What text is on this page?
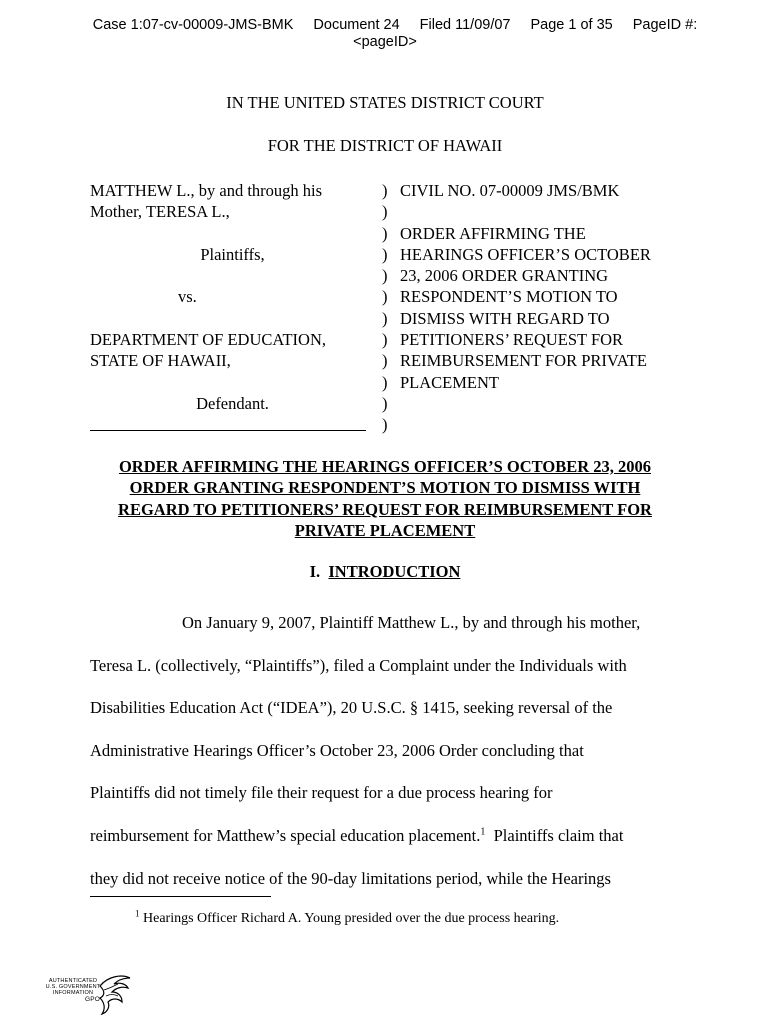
Case 1:07-cv-00009-JMS-BMK Document 24 Filed 11/09/07 Page 1 of 35 PageID #:
<pageID>
IN THE UNITED STATES DISTRICT COURT
FOR THE DISTRICT OF HAWAII
MATTHEW L., by and through his
Mother, TERESA L.,
Plaintiffs,
vs.
DEPARTMENT OF EDUCATION,
STATE OF HAWAII,
Defendant.
)
)
)
)
)
)
)
)
)
)
)
)
CIVIL NO. 07-00009 JMS/BMK
ORDER AFFIRMING THE
HEARINGS OFFICER’S OCTOBER
23, 2006 ORDER GRANTING
RESPONDENT’S MOTION TO
DISMISS WITH REGARD TO
PETITIONERS’ REQUEST FOR
REIMBURSEMENT FOR PRIVATE
PLACEMENT
ORDER AFFIRMING THE HEARINGS OFFICER’S OCTOBER 23, 2006
ORDER GRANTING RESPONDENT’S MOTION TO DISMISS WITH
REGARD TO PETITIONERS’ REQUEST FOR REIMBURSEMENT FOR
PRIVATE PLACEMENT
I. INTRODUCTION
On January 9, 2007, Plaintiff Matthew L., by and through his mother,
Teresa L. (collectively, “Plaintiffs”), filed a Complaint under the Individuals with
Disabilities Education Act (“IDEA”), 20 U.S.C. § 1415, seeking reversal of the
Administrative Hearings Officer’s October 23, 2006 Order concluding that
Plaintiffs did not timely file their request for a due process hearing for
reimbursement for Matthew’s special education placement.$^1$ Plaintiffs claim that
they did not receive notice of the 90-day limitations period, while the Hearings
$^1$ Hearings Officer Richard A. Young presided over the due process hearing.
AUTHENTICATED
U.S. GOVERNMENT
INFORMATION
GPO
